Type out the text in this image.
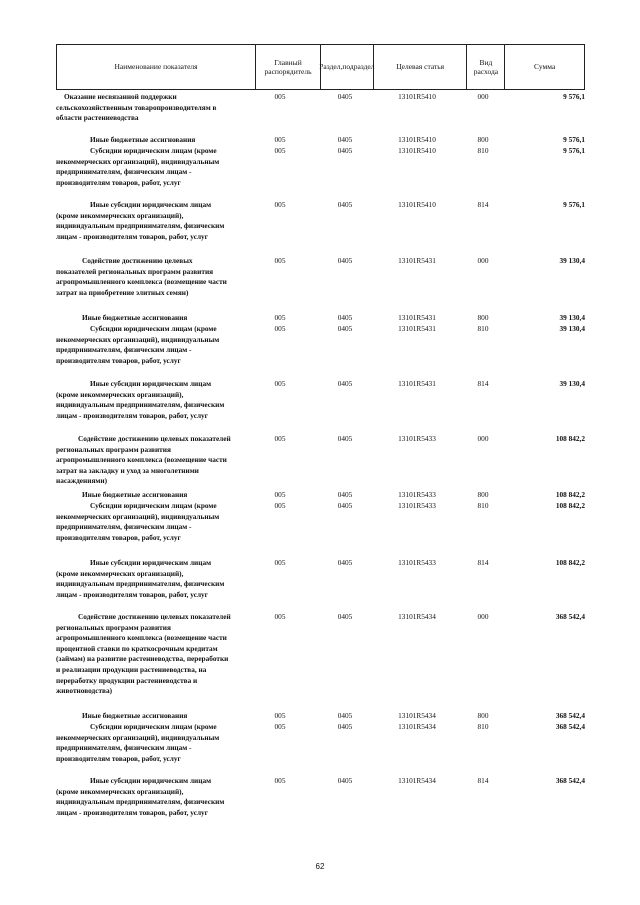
Наименование показателя
Главный распорядитель
Раздел,подраздел	Целевая статья
Вид расхода
Сумма
Оказание несвязанной поддержки сельскохозяйственным товаропроизводителям в области растениеводства
005	0405	13101R5410	000	9 576,1
Иные бюджетные ассигнования	005	0405	13101R5410	800	9 576,1
Субсидии юридическим лицам (кроме некоммерческих организаций), индивидуальным предпринимателям, физическим лицам - производителям товаров, работ, услуг
005	0405	13101R5410	810	9 576,1
Иные субсидии юридическим лицам (кроме некоммерческих организаций), индивидуальным предпринимателям, физическим лицам - производителям товаров, работ, услуг
005	0405	13101R5410	814	9 576,1
Содействие достижению целевых показателей региональных программ развития агропромышленного комплекса (возмещение части затрат на приобретение элитных семян)
005	0405	13101R5431	000	39 130,4
Иные бюджетные ассигнования	005	0405	13101R5431	800	39 130,4
Субсидии юридическим лицам (кроме некоммерческих организаций), индивидуальным предпринимателям, физическим лицам - производителям товаров, работ, услуг
005	0405	13101R5431	810	39 130,4
Иные субсидии юридическим лицам (кроме некоммерческих организаций), индивидуальным предпринимателям, физическим лицам - производителям товаров, работ, услуг
005	0405	13101R5431	814	39 130,4
Содействие достижению целевых показателей региональных программ развития агропромышленного комплекса (возмещение части затрат на закладку и уход за многолетними насаждениями)
005	0405	13101R5433	000	108 842,2
Иные бюджетные ассигнования	005	0405	13101R5433	800	108 842,2
Субсидии юридическим лицам (кроме некоммерческих организаций), индивидуальным предпринимателям, физическим лицам - производителям товаров, работ, услуг
005	0405	13101R5433	810	108 842,2
Иные субсидии юридическим лицам (кроме некоммерческих организаций), индивидуальным предпринимателям, физическим лицам - производителям товаров, работ, услуг
005	0405	13101R5433	814	108 842,2
Содействие достижению целевых показателей региональных программ развития агропромышленного комплекса (возмещение части процентной ставки по краткосрочным кредитам (займам) на развитие растениеводства, переработки и реализации продукции растениеводства, на переработку продукции растениеводства и животноводства)
005	0405	13101R5434	000	368 542,4
Иные бюджетные ассигнования	005	0405	13101R5434	800	368 542,4
Субсидии юридическим лицам (кроме некоммерческих организаций), индивидуальным предпринимателям, физическим лицам - производителям товаров, работ, услуг
005	0405	13101R5434	810	368 542,4
Иные субсидии юридическим лицам (кроме некоммерческих организаций), индивидуальным предпринимателям, физическим лицам - производителям товаров, работ, услуг
005	0405	13101R5434	814	368 542,4
62
